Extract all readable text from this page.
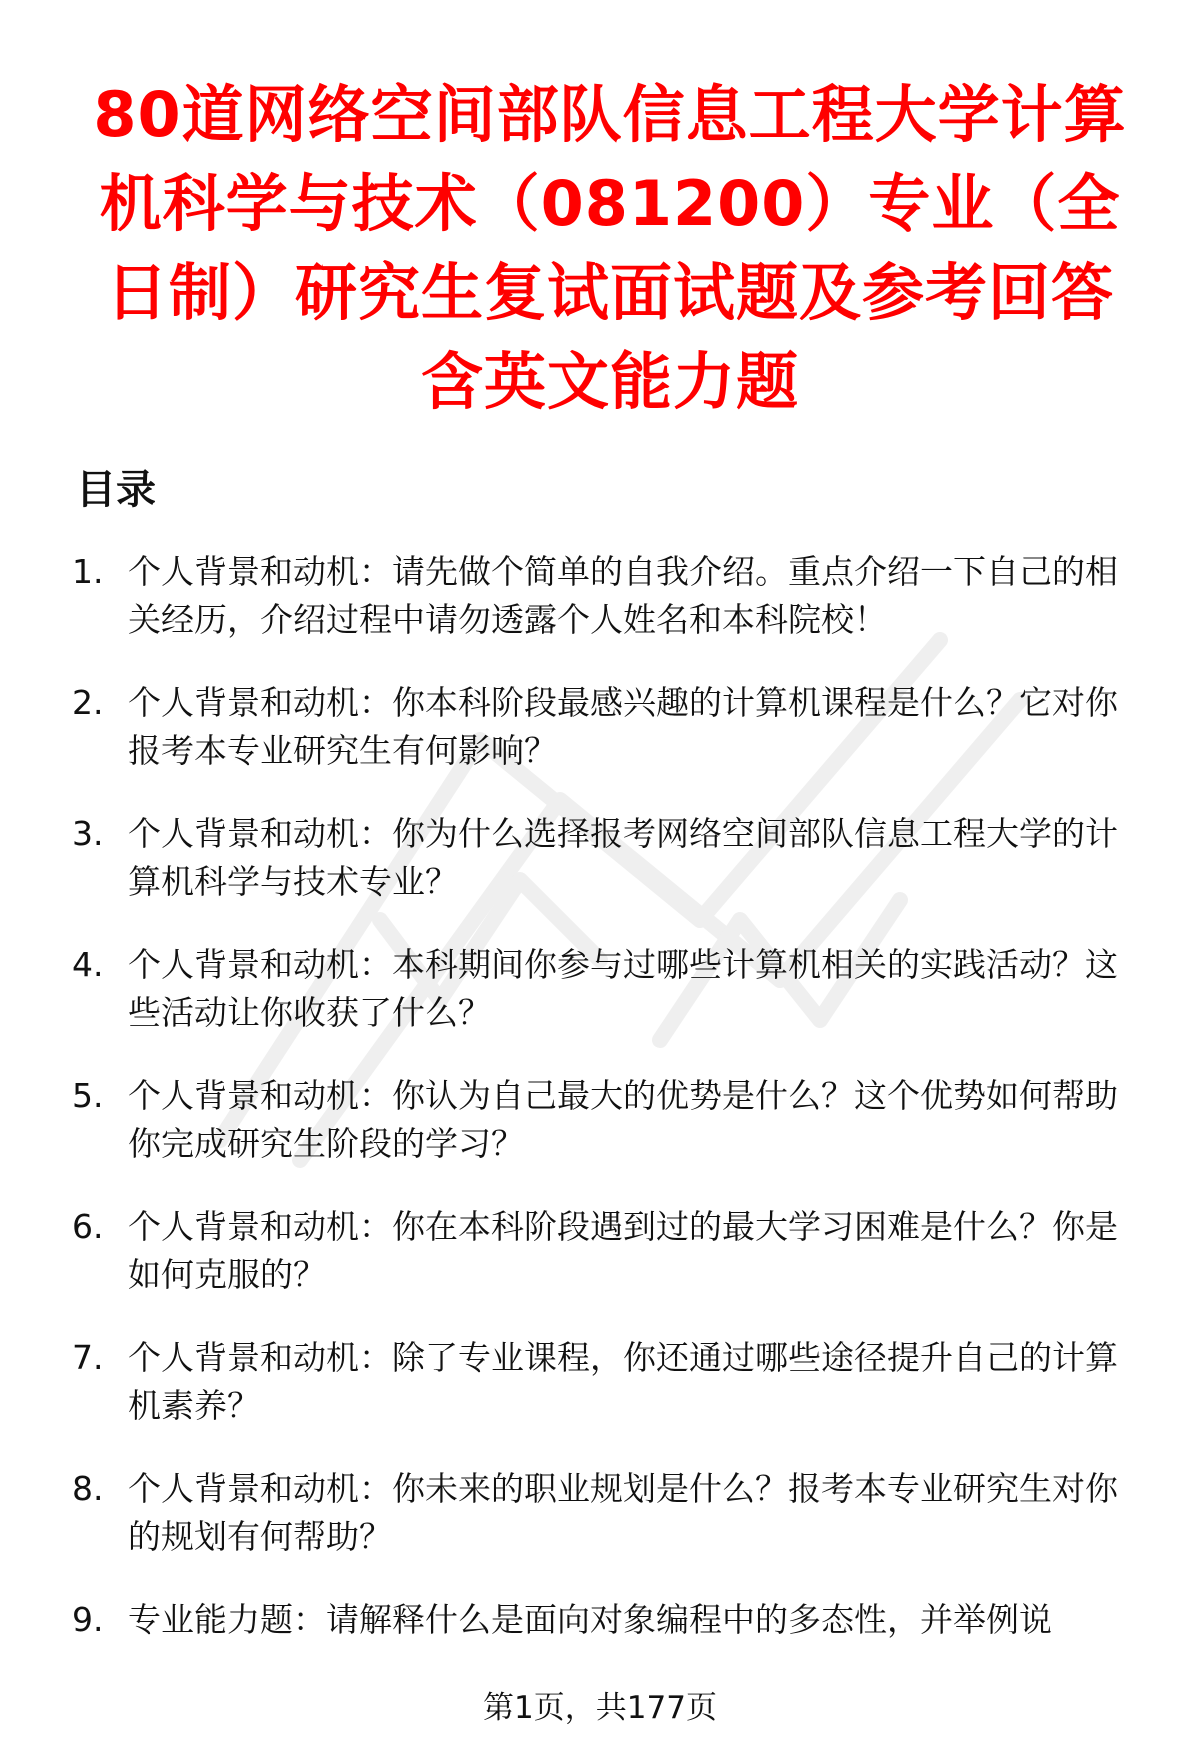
80道网络空间部队信息工程大学计算机科学与技术（081200）专业（全日制）研究生复试面试题及参考回答含英文能力题
目录
1. 个人背景和动机：请先做个简单的自我介绍。重点介绍一下自己的相关经历，介绍过程中请勿透露个人姓名和本科院校！
2. 个人背景和动机：你本科阶段最感兴趣的计算机课程是什么？它对你报考本专业研究生有何影响？
3. 个人背景和动机：你为什么选择报考网络空间部队信息工程大学的计算机科学与技术专业？
4. 个人背景和动机：本科期间你参与过哪些计算机相关的实践活动？这些活动让你收获了什么？
5. 个人背景和动机：你认为自己最大的优势是什么？这个优势如何帮助你完成研究生阶段的学习？
6. 个人背景和动机：你在本科阶段遇到过的最大学习困难是什么？你是如何克服的？
7. 个人背景和动机：除了专业课程，你还通过哪些途径提升自己的计算机素养？
8. 个人背景和动机：你未来的职业规划是什么？报考本专业研究生对你的规划有何帮助？
9. 专业能力题：请解释什么是面向对象编程中的多态性，并举例说
第1页，共177页
